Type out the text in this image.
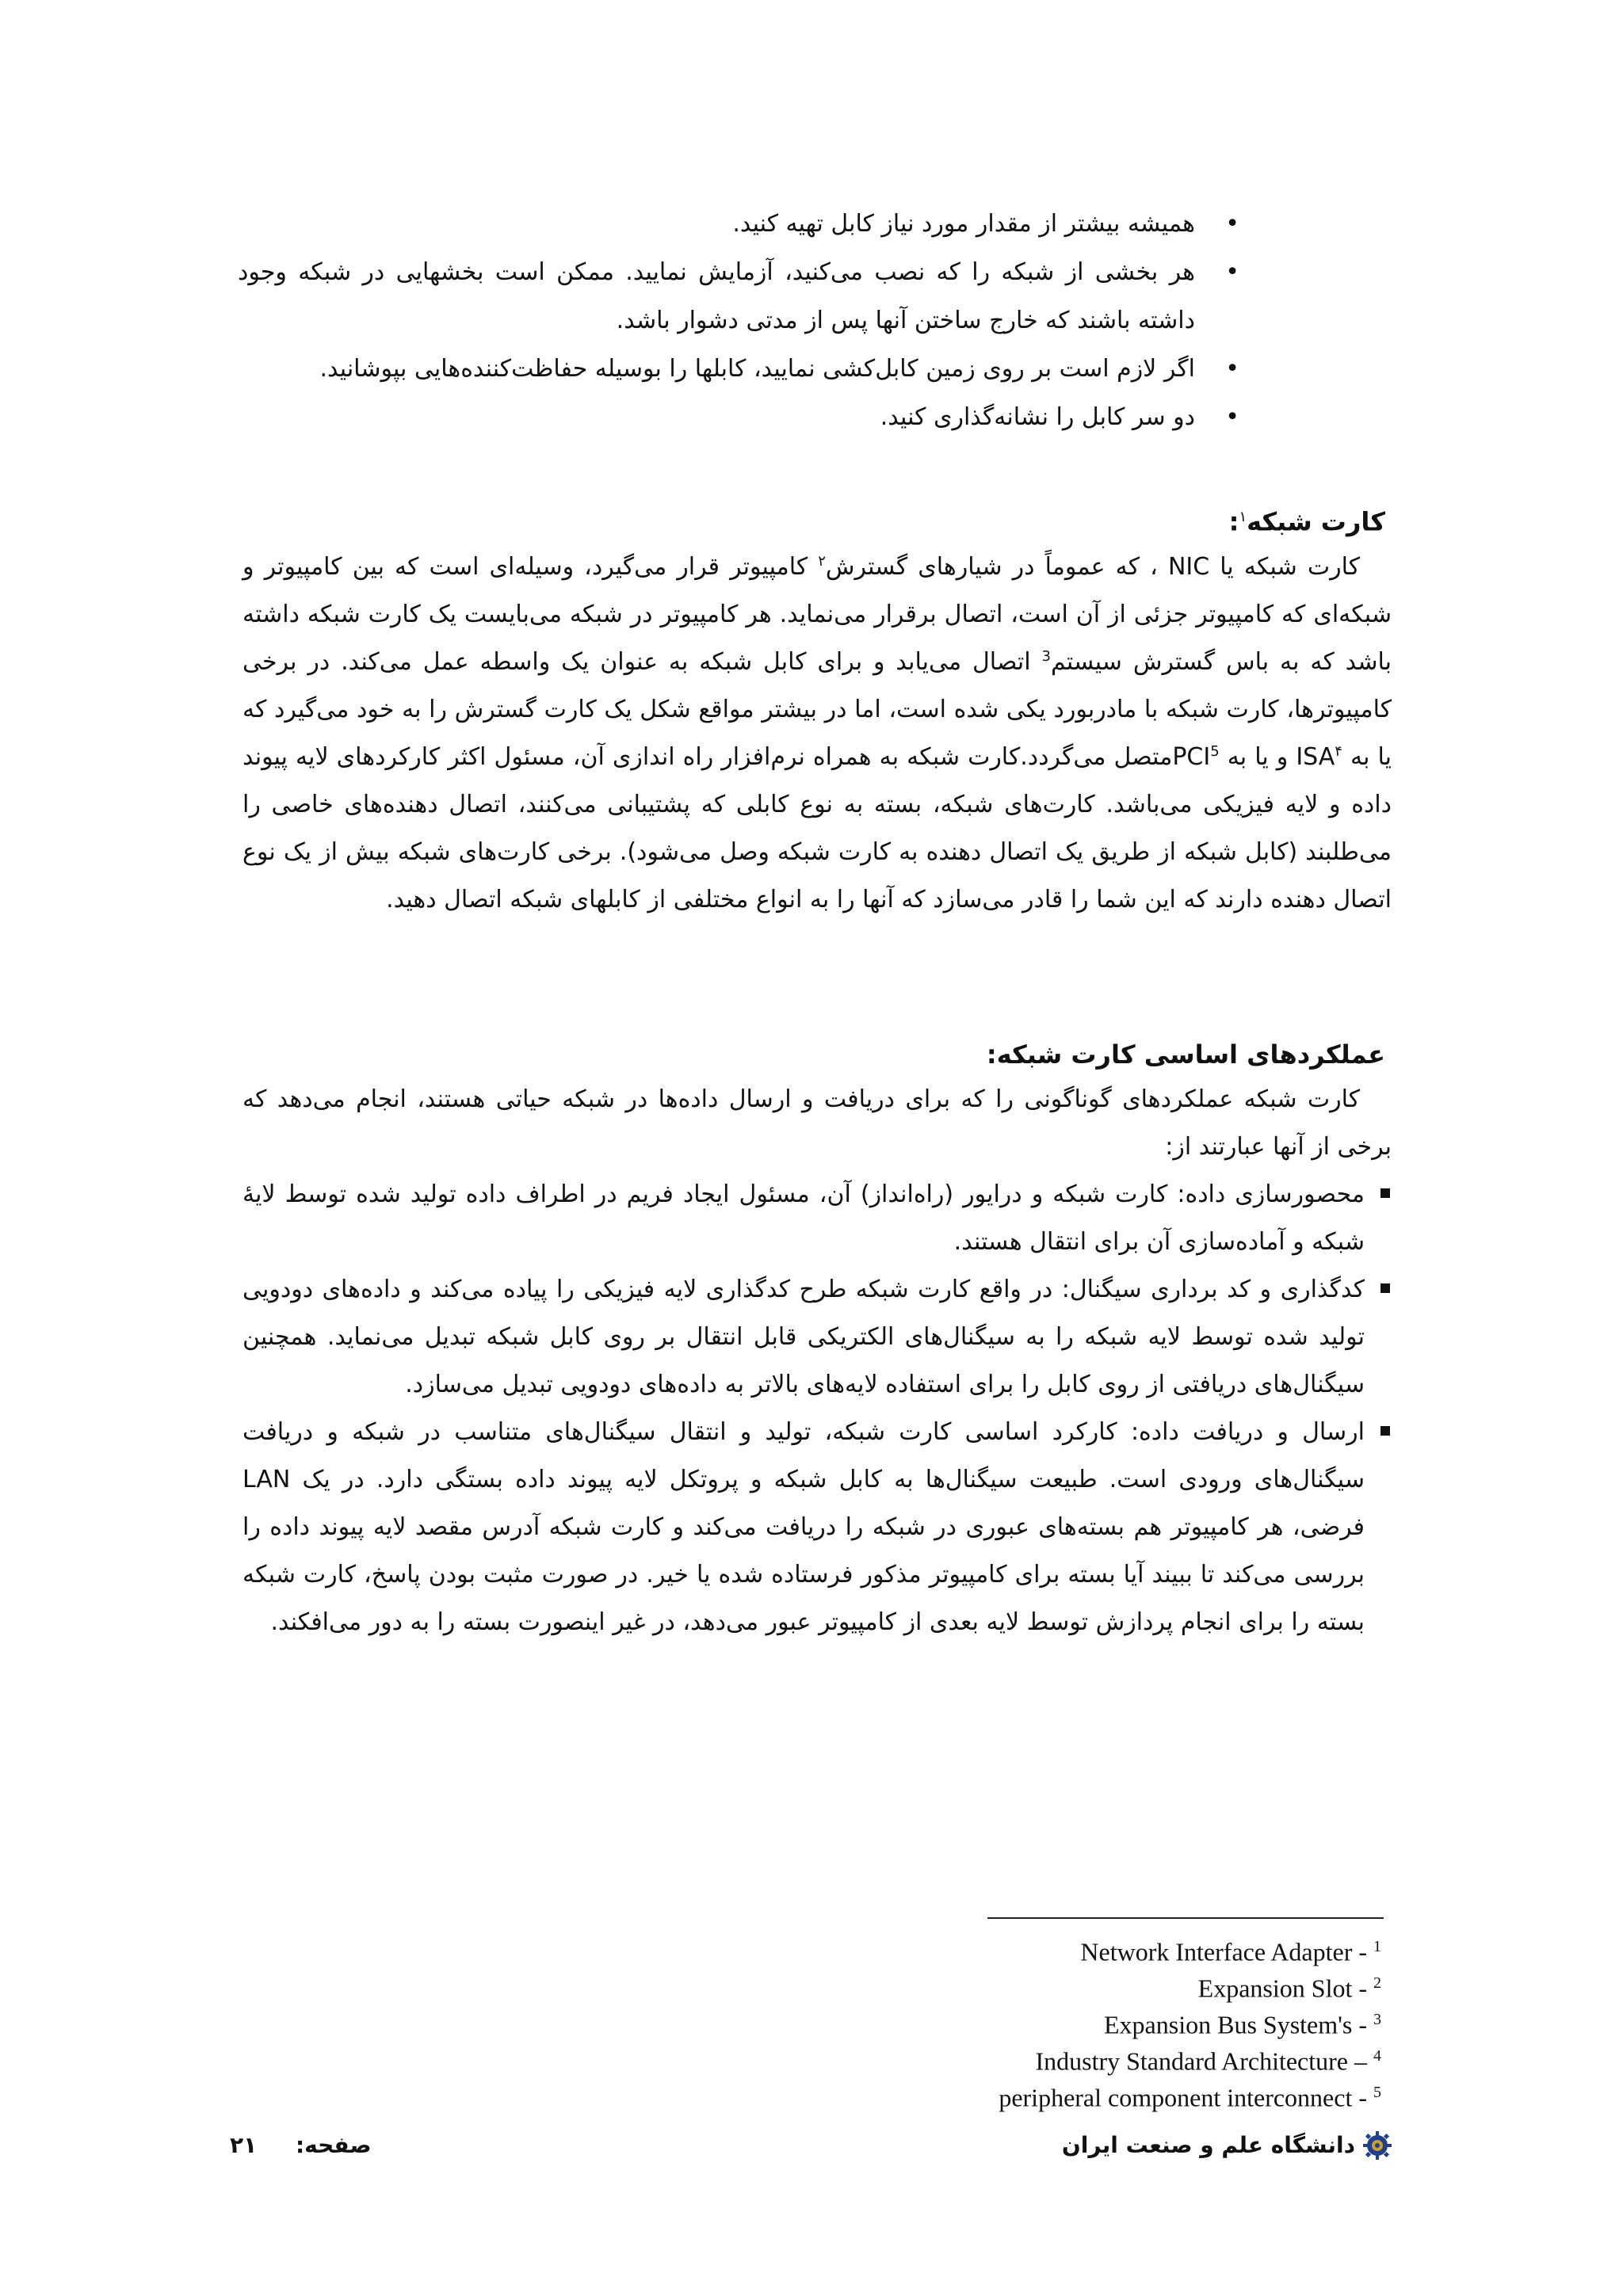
•
همیشه بیشتر از مقدار مورد نیاز کابل تهیه کنید.
•
هر بخشی از شبکه را که نصب می‌کنید، آزمایش نمایید. ممکن است بخشهایی در شبکه وجود داشته باشند که خارج ساختن آنها پس از مدتی دشوار باشد.
•
اگر لازم است بر روی زمین کابل‌کشی نمایید، کابلها را بوسیله حفاظت‌کننده‌هایی بپوشانید.
•
دو سر کابل را نشانه‌گذاری کنید.
کارت شبکه$^۱$:
کارت شبکه یا NIC ، که عموماً در شیارهای گسترش$^۲$ کامپیوتر قرار می‌گیرد، وسیله‌ای است که بین کامپیوتر و شبکه‌ای که کامپیوتر جزئی از آن است، اتصال برقرار می‌نماید. هر کامپیوتر در شبکه می‌بایست یک کارت شبکه داشته باشد که به باس گسترش سیستم$^3$ اتصال می‌یابد و برای کابل شبکه به عنوان یک واسطه عمل می‌کند. در برخی کامپیوترها، کارت شبکه با مادربورد یکی شده است، اما در بیشتر مواقع شکل یک کارت گسترش را به خود می‌گیرد که یا به ISA$^۴$ و یا به PCI$^5$متصل می‌گردد.کارت شبکه به همراه نرم‌افزار راه اندازی آن، مسئول اکثر کارکردهای لایه پیوند داده و لایه فیزیکی می‌باشد. کارت‌های شبکه، بسته به نوع کابلی که پشتیبانی می‌کنند، اتصال دهنده‌های خاصی را می‌طلبند (کابل شبکه از طریق یک اتصال دهنده به کارت شبکه وصل می‌شود). برخی کارت‌های شبکه بیش از یک نوع اتصال دهنده دارند که این شما را قادر می‌سازد که آنها را به انواع مختلفی از کابلهای شبکه اتصال دهید.
عملکردهای اساسی کارت شبکه:
کارت شبکه عملکردهای گوناگونی را که برای دریافت و ارسال داده‌ها در شبکه حیاتی هستند، انجام می‌دهد که برخی از آنها عبارتند از:
محصورسازی داده: کارت شبکه و درایور (راه‌انداز) آن، مسئول ایجاد فریم در اطراف داده تولید شده توسط لایهٔ شبکه و آماده‌سازی آن برای انتقال هستند.
کدگذاری و کد برداری سیگنال: در واقع کارت شبکه طرح کدگذاری لایه فیزیکی را پیاده می‌کند و داده‌های دودویی تولید شده توسط لایه شبکه را به سیگنال‌های الکتریکی قابل انتقال بر روی کابل شبکه تبدیل می‌نماید. همچنین سیگنال‌های دریافتی از روی کابل را برای استفاده لایه‌های بالاتر به داده‌های دودویی تبدیل می‌سازد.
ارسال و دریافت داده: کارکرد اساسی کارت شبکه، تولید و انتقال سیگنال‌های متناسب در شبکه و دریافت سیگنال‌های ورودی است. طبیعت سیگنال‌ها به کابل شبکه و پروتکل لایه پیوند داده بستگی دارد. در یک LAN فرضی، هر کامپیوتر هم بسته‌های عبوری در شبکه را دریافت می‌کند و کارت شبکه آدرس مقصد لایه پیوند داده را بررسی می‌کند تا ببیند آیا بسته برای کامپیوتر مذکور فرستاده شده یا خیر. در صورت مثبت بودن پاسخ، کارت شبکه بسته را برای انجام پردازش توسط لایه بعدی از کامپیوتر عبور می‌دهد، در غیر اینصورت بسته را به دور می‌افکند.
Network Interface Adapter - $^1$
Expansion Slot - $^2$
Expansion Bus System's - $^3$
Industry Standard Architecture – $^4$
peripheral component interconnect - $^5$
صفحه:     ۲۱	دانشگاه علم و صنعت ایران
